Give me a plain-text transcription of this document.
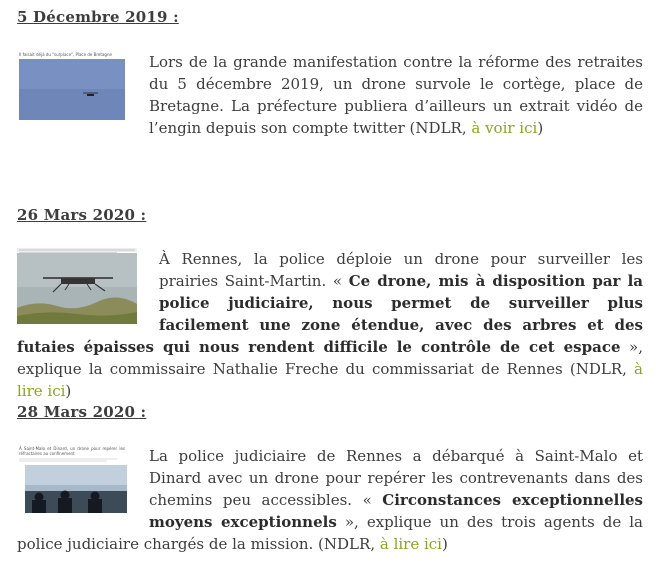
5 Décembre 2019 :
Il faisait déjà du "surplace", Place de Bretagne	Lors de la grande manifestation contre la réforme des retraites du 5 décembre 2019, un drone survole le cortège, place de Bretagne. La préfecture publiera d’ailleurs un extrait vidéo de l’engin depuis son compte twitter (NDLR, à voir ici)

26 Mars 2020 :

À Rennes, la police déploie un drone pour surveiller les prairies Saint-Martin. « Ce drone, mis à disposition par la police judiciaire, nous permet de surveiller plus facilement une zone étendue, avec des arbres et des futaies épaisses qui nous rendent difficile le contrôle de cet espace », explique la commissaire Nathalie Freche du commissariat de Rennes (NDLR, à lire ici)

28 Mars 2020 :
À Saint-Malo et Dinard, un drone pour repérer les réfractaires au confinement	La police judiciaire de Rennes a débarqué à Saint-Malo et Dinard avec un drone pour repérer les contrevenants dans des chemins peu accessibles. « Circonstances exceptionnelles moyens exceptionnels », explique un des trois agents de la police judiciaire chargés de la mission. (NDLR, à lire ici)
